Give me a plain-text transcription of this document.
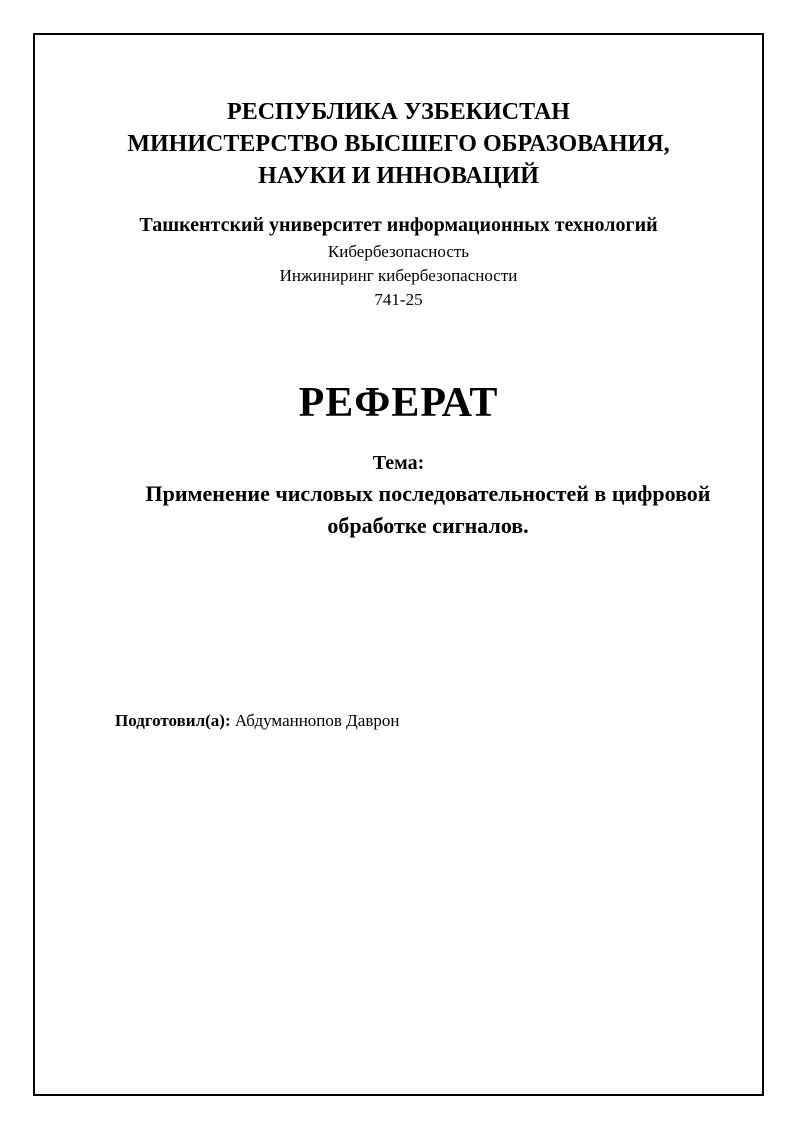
РЕСПУБЛИКА УЗБЕКИСТАН
МИНИСТЕРСТВО ВЫСШЕГО ОБРАЗОВАНИЯ,
НАУКИ И ИННОВАЦИЙ
Ташкентский университет информационных технологий
Кибербезопасность
Инжиниринг кибербезопасности
741-25
РЕФЕРАТ
Тема:
Применение числовых последовательностей в цифровой обработке сигналов.
Подготовил(а): Абдуманнопов Даврон
